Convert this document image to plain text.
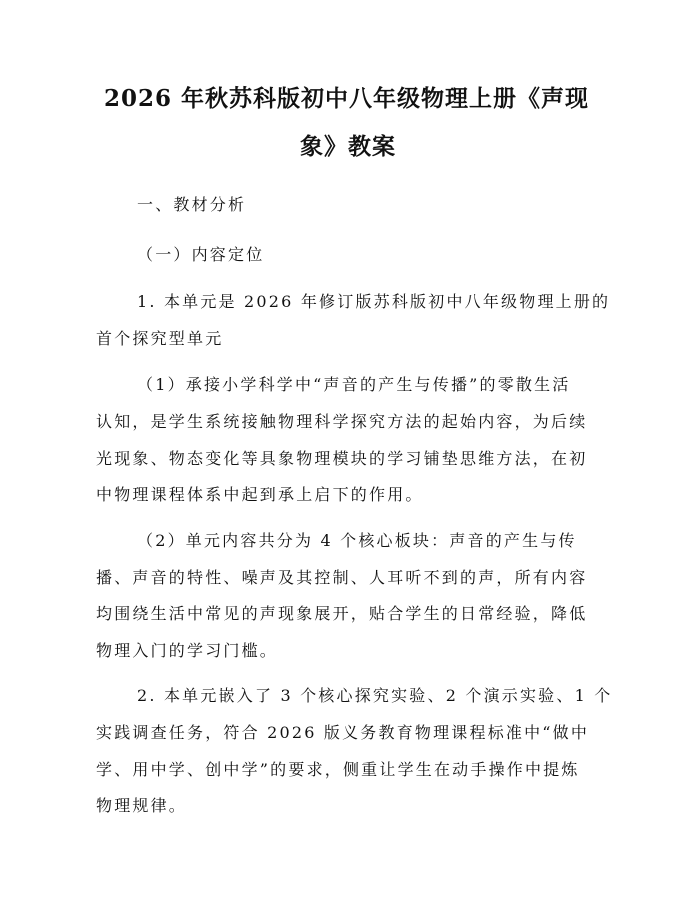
2026 年秋苏科版初中八年级物理上册《声现
象》教案
一、教材分析
（一）内容定位
1. 本单元是 2026 年修订版苏科版初中八年级物理上册的
首个探究型单元
（1）承接小学科学中“声音的产生与传播”的零散生活
认知，是学生系统接触物理科学探究方法的起始内容，为后续
光现象、物态变化等具象物理模块的学习铺垫思维方法，在初
中物理课程体系中起到承上启下的作用。
（2）单元内容共分为 4 个核心板块：声音的产生与传
播、声音的特性、噪声及其控制、人耳听不到的声，所有内容
均围绕生活中常见的声现象展开，贴合学生的日常经验，降低
物理入门的学习门槛。
2. 本单元嵌入了 3 个核心探究实验、2 个演示实验、1 个
实践调查任务，符合 2026 版义务教育物理课程标准中“做中
学、用中学、创中学”的要求，侧重让学生在动手操作中提炼
物理规律。
